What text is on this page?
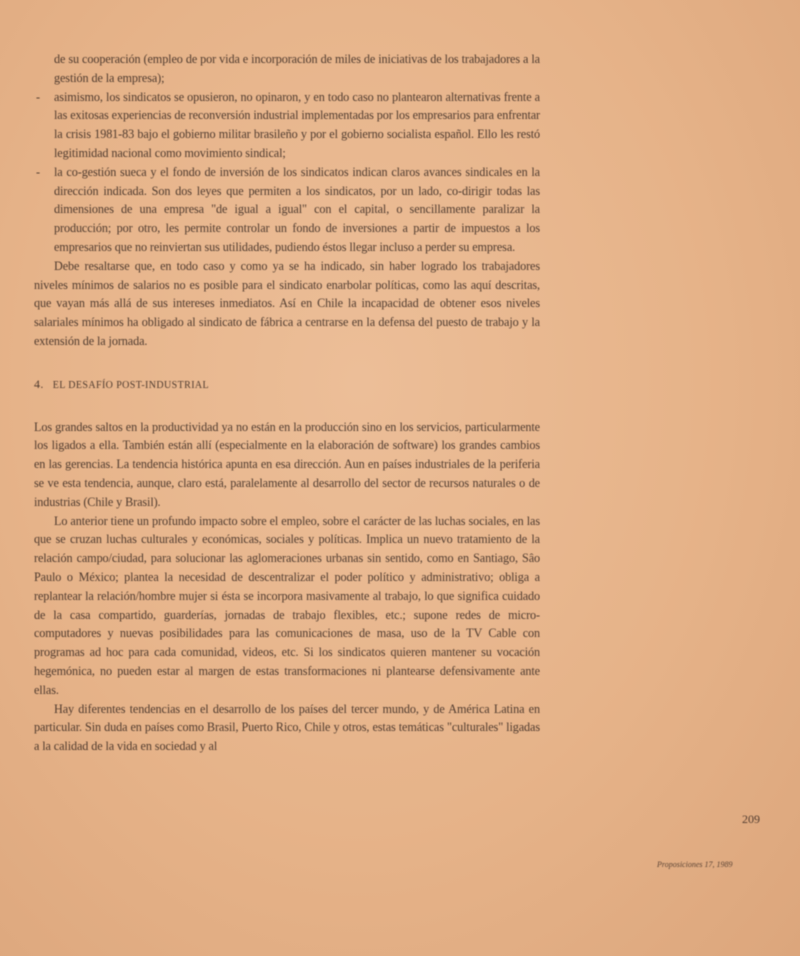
de su cooperación (empleo de por vida e incorporación de miles de iniciativas de los trabajadores a la gestión de la empresa);

- asimismo, los sindicatos se opusieron, no opinaron, y en todo caso no plantearon alternativas frente a las exitosas experiencias de reconversión industrial implementadas por los empresarios para enfrentar la crisis 1981-83 bajo el gobierno militar brasileño y por el gobierno socialista español. Ello les restó legitimidad nacional como movimiento sindical;

- la co-gestión sueca y el fondo de inversión de los sindicatos indican claros avances sindicales en la dirección indicada. Son dos leyes que permiten a los sindicatos, por un lado, co-dirigir todas las dimensiones de una empresa "de igual a igual" con el capital, o sencillamente paralizar la producción; por otro, les permite controlar un fondo de inversiones a partir de impuestos a los empresarios que no reinviertan sus utilidades, pudiendo éstos llegar incluso a perder su empresa.

Debe resaltarse que, en todo caso y como ya se ha indicado, sin haber logrado los trabajadores niveles mínimos de salarios no es posible para el sindicato enarbolar políticas, como las aquí descritas, que vayan más allá de sus intereses inmediatos. Así en Chile la incapacidad de obtener esos niveles salariales mínimos ha obligado al sindicato de fábrica a centrarse en la defensa del puesto de trabajo y la extensión de la jornada.

4. EL DESAFÍO POST-INDUSTRIAL

Los grandes saltos en la productividad ya no están en la producción sino en los servicios, particularmente los ligados a ella. También están allí (especialmente en la elaboración de software) los grandes cambios en las gerencias. La tendencia histórica apunta en esa dirección. Aun en países industriales de la periferia se ve esta tendencia, aunque, claro está, paralelamente al desarrollo del sector de recursos naturales o de industrias (Chile y Brasil).

Lo anterior tiene un profundo impacto sobre el empleo, sobre el carácter de las luchas sociales, en las que se cruzan luchas culturales y económicas, sociales y políticas. Implica un nuevo tratamiento de la relación campo/ciudad, para solucionar las aglomeraciones urbanas sin sentido, como en Santiago, Sâo Paulo o México; plantea la necesidad de descentralizar el poder político y administrativo; obliga a replantear la relación/hombre mujer si ésta se incorpora masivamente al trabajo, lo que significa cuidado de la casa compartido, guarderías, jornadas de trabajo flexibles, etc.; supone redes de micro-computadores y nuevas posibilidades para las comunicaciones de masa, uso de la TV Cable con programas ad hoc para cada comunidad, videos, etc. Si los sindicatos quieren mantener su vocación hegemónica, no pueden estar al margen de estas transformaciones ni plantearse defensivamente ante ellas.

Hay diferentes tendencias en el desarrollo de los países del tercer mundo, y de América Latina en particular. Sin duda en países como Brasil, Puerto Rico, Chile y otros, estas temáticas "culturales" ligadas a la calidad de la vida en sociedad y al

209
Proposiciones 17, 1989
